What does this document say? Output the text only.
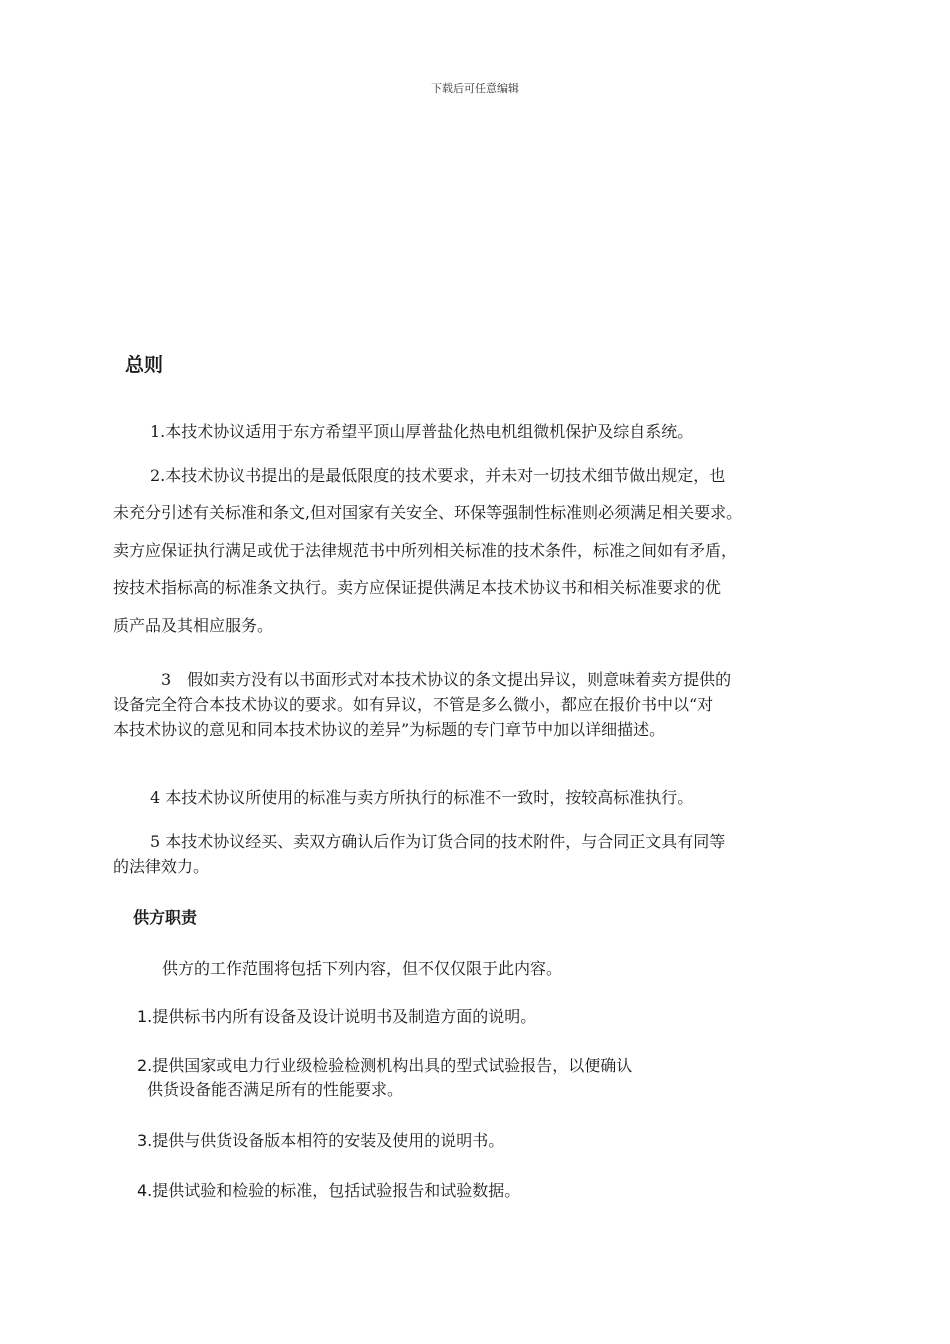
下载后可任意编辑
总则

1.本技术协议适用于东方希望平顶山厚普盐化热电机组微机保护及综自系统。

2.本技术协议书提出的是最低限度的技术要求，并未对一切技术细节做出规定，也

未充分引述有关标准和条文,但对国家有关安全、环保等强制性标准则必须满足相关要求。

卖方应保证执行满足或优于法律规范书中所列相关标准的技术条件，标准之间如有矛盾，

按技术指标高的标准条文执行。卖方应保证提供满足本技术协议书和相关标准要求的优

质产品及其相应服务。

3　假如卖方没有以书面形式对本技术协议的条文提出异议，则意味着卖方提供的

设备完全符合本技术协议的要求。如有异议，不管是多么微小，都应在报价书中以“对

本技术协议的意见和同本技术协议的差异”为标题的专门章节中加以详细描述。

4 本技术协议所使用的标准与卖方所执行的标准不一致时，按较高标准执行。

5 本技术协议经买、卖双方确认后作为订货合同的技术附件，与合同正文具有同等

的法律效力。

供方职责

供方的工作范围将包括下列内容，但不仅仅限于此内容。

1.提供标书内所有设备及设计说明书及制造方面的说明。

2.提供国家或电力行业级检验检测机构出具的型式试验报告，以便确认

供货设备能否满足所有的性能要求。

3.提供与供货设备版本相符的安装及使用的说明书。

4.提供试验和检验的标准，包括试验报告和试验数据。
